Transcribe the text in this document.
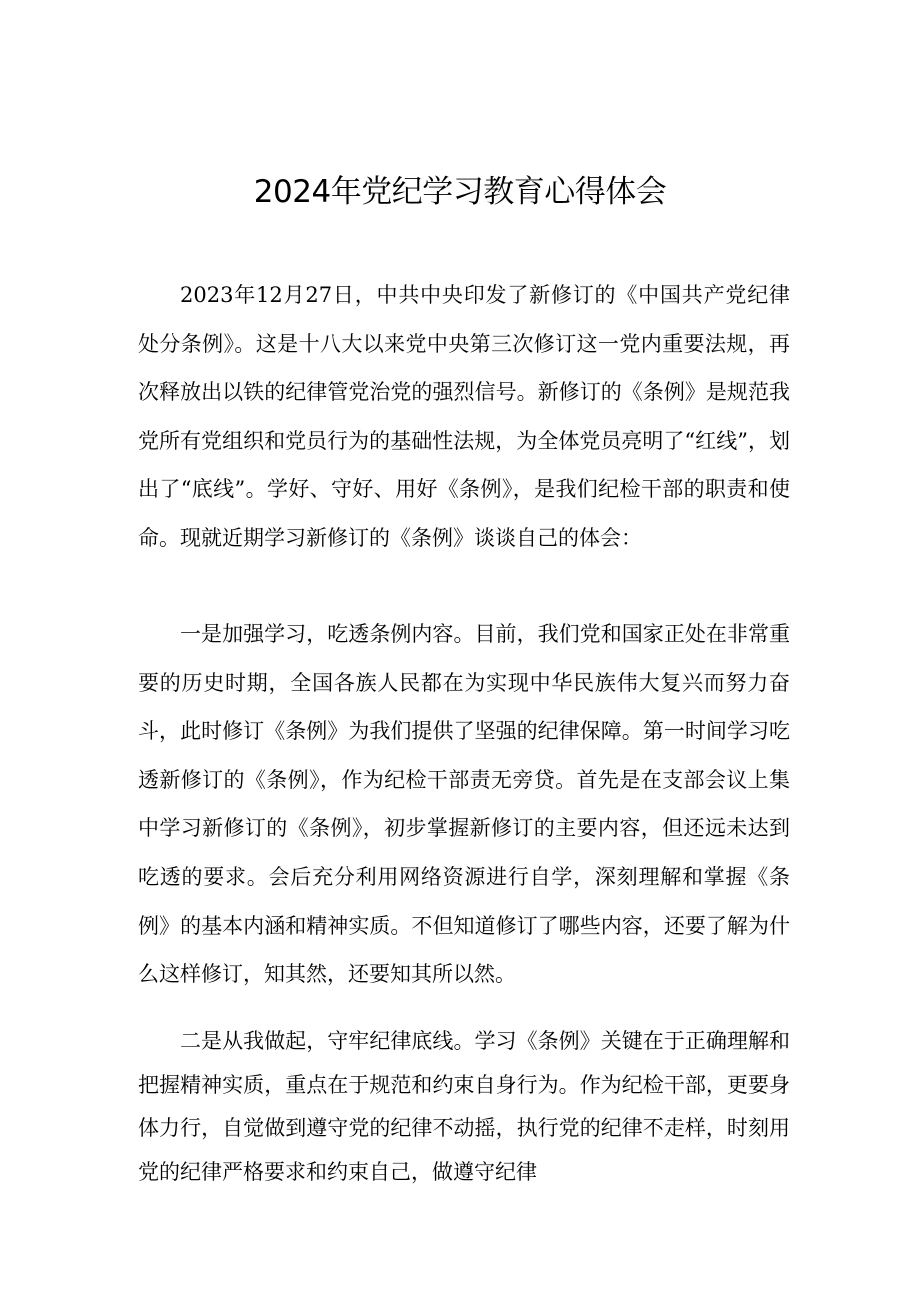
2024年党纪学习教育心得体会

2023年12月27日，中共中央印发了新修订的《中国共产党纪律处分条例》。这是十八大以来党中央第三次修订这一党内重要法规，再次释放出以铁的纪律管党治党的强烈信号。新修订的《条例》是规范我党所有党组织和党员行为的基础性法规，为全体党员亮明了“红线”，划出了“底线”。学好、守好、用好《条例》，是我们纪检干部的职责和使命。现就近期学习新修订的《条例》谈谈自己的体会：

一是加强学习，吃透条例内容。目前，我们党和国家正处在非常重要的历史时期，全国各族人民都在为实现中华民族伟大复兴而努力奋斗，此时修订《条例》为我们提供了坚强的纪律保障。第一时间学习吃透新修订的《条例》，作为纪检干部责无旁贷。首先是在支部会议上集中学习新修订的《条例》，初步掌握新修订的主要内容，但还远未达到吃透的要求。会后充分利用网络资源进行自学，深刻理解和掌握《条例》的基本内涵和精神实质。不但知道修订了哪些内容，还要了解为什么这样修订，知其然，还要知其所以然。

二是从我做起，守牢纪律底线。学习《条例》关键在于正确理解和把握精神实质，重点在于规范和约束自身行为。作为纪检干部，更要身体力行，自觉做到遵守党的纪律不动摇，执行党的纪律不走样，时刻用党的纪律严格要求和约束自己，做遵守纪律
